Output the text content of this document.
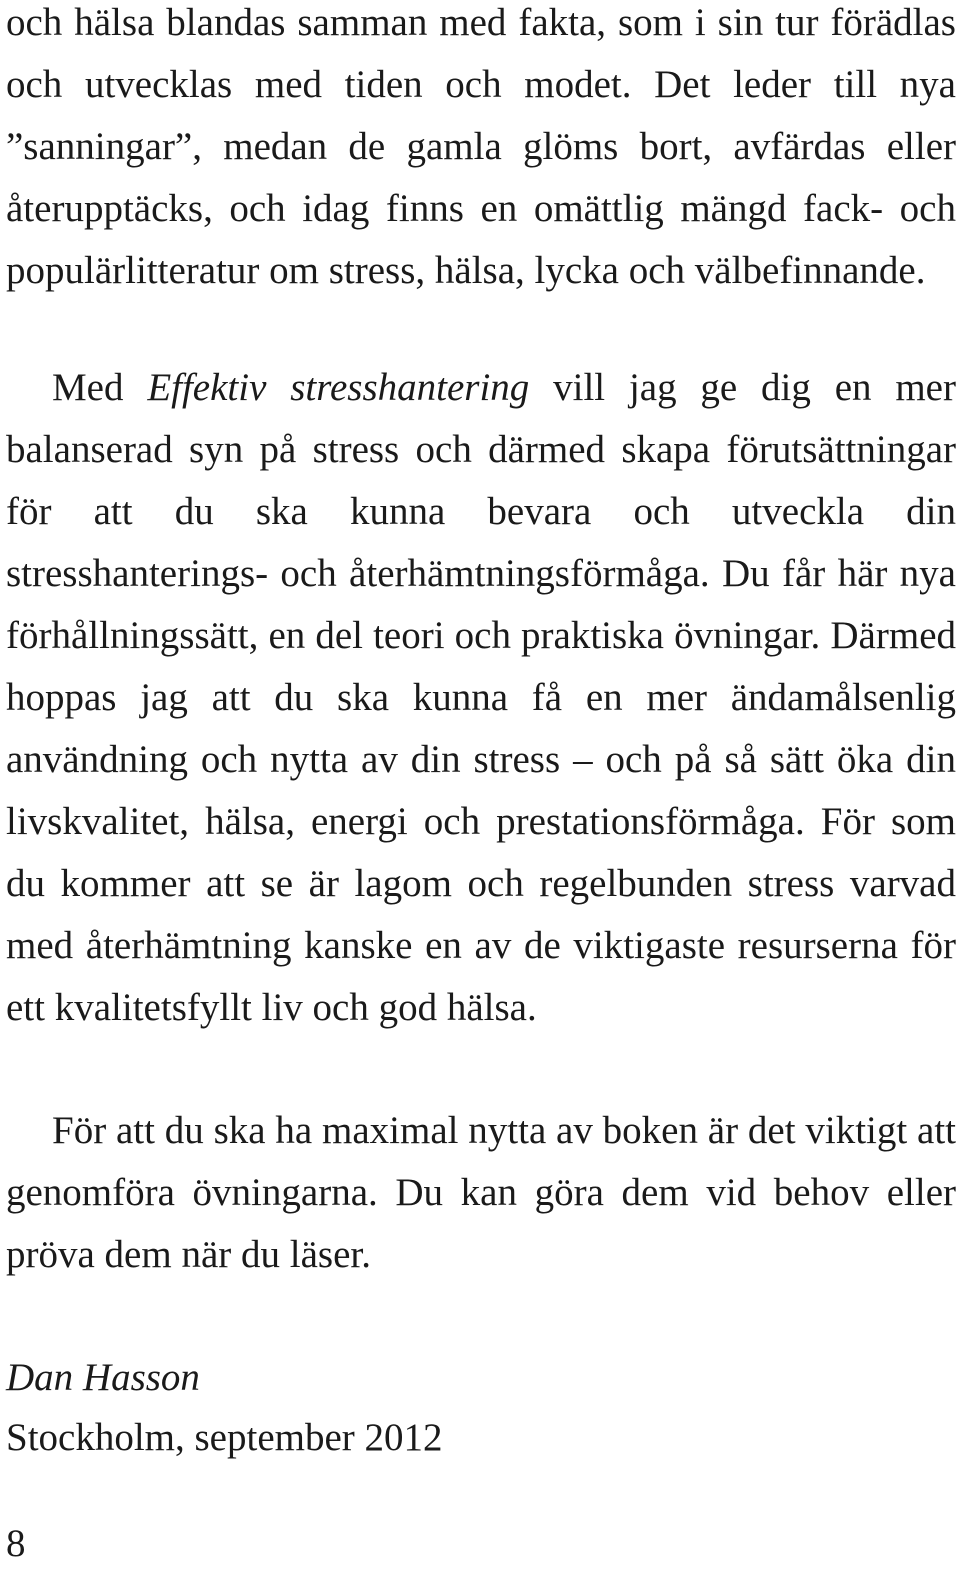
och hälsa blandas samman med fakta, som i sin tur förädlas och utvecklas med tiden och modet. Det leder till nya ”sanningar”, medan de gamla glöms bort, avfärdas eller återupptäcks, och idag finns en omättlig mängd fack- och populärlitteratur om stress, hälsa, lycka och välbefinnande.

Med Effektiv stresshantering vill jag ge dig en mer balanserad syn på stress och därmed skapa förutsättningar för att du ska kunna bevara och utveckla din stresshanterings- och återhämtningsförmåga. Du får här nya förhållningssätt, en del teori och praktiska övningar. Därmed hoppas jag att du ska kunna få en mer ändamålsenlig användning och nytta av din stress – och på så sätt öka din livskvalitet, hälsa, energi och prestationsförmåga. För som du kommer att se är lagom och regelbunden stress varvad med återhämtning kanske en av de viktigaste resurserna för ett kvalitetsfyllt liv och god hälsa.

För att du ska ha maximal nytta av boken är det viktigt att genomföra övningarna. Du kan göra dem vid behov eller pröva dem när du läser.

Dan Hasson
Stockholm, september 2012

8
